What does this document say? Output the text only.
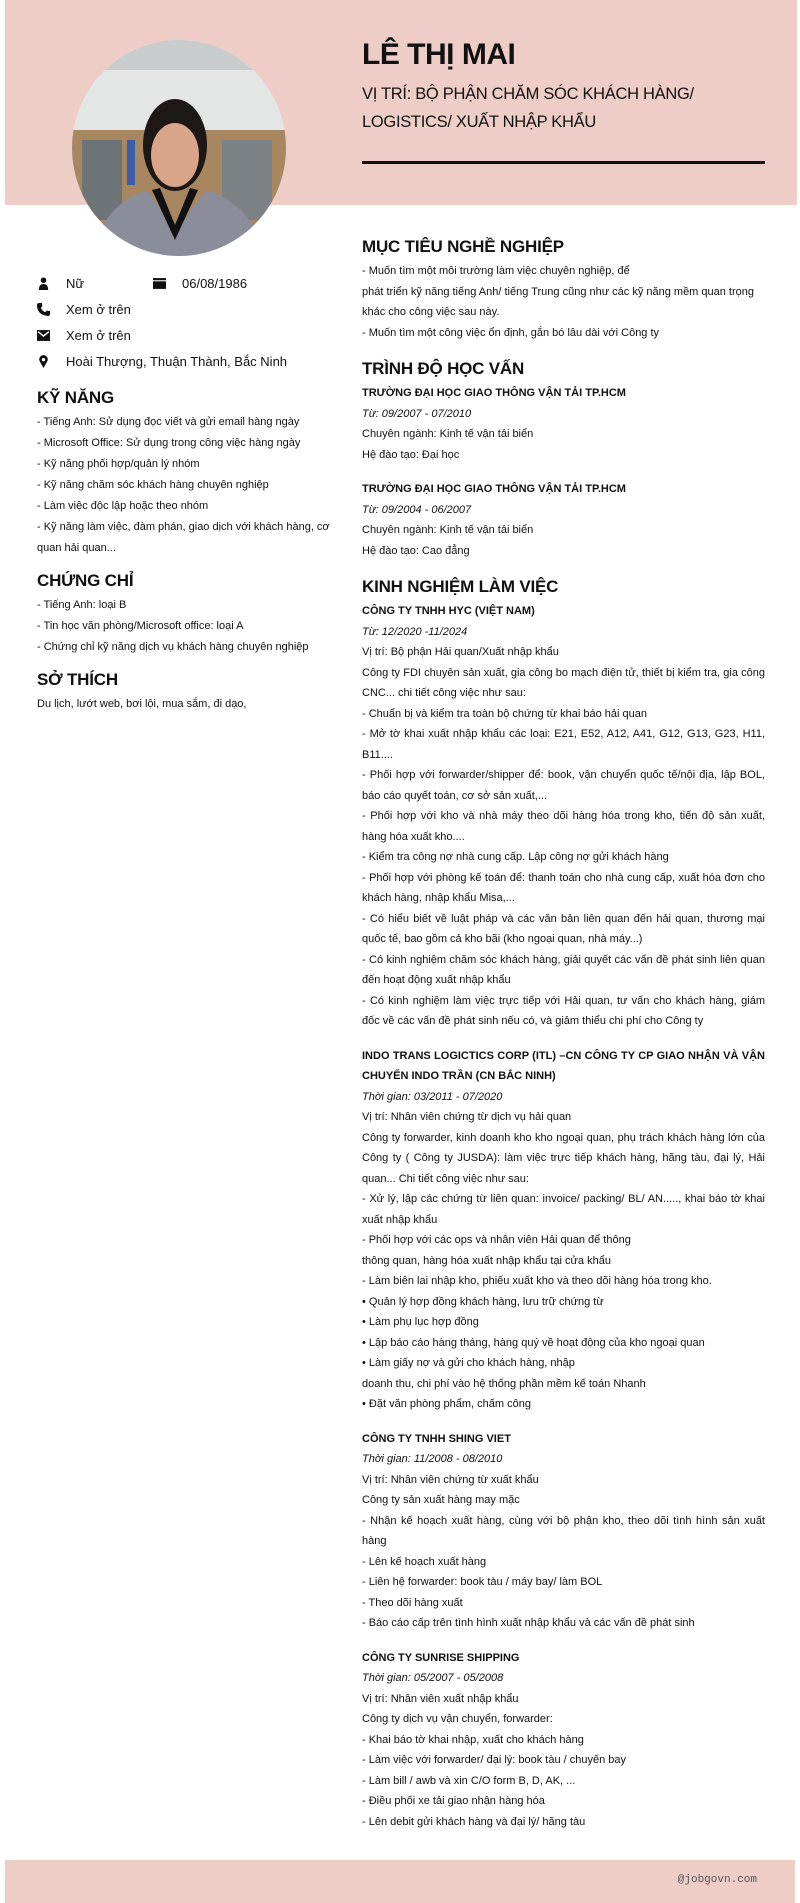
LÊ THỊ MAI
VỊ TRÍ: BỘ PHẬN CHĂM SÓC KHÁCH HÀNG/ LOGISTICS/ XUẤT NHẬP KHẨU
Nữ	06/08/1986
Xem ở trên
Xem ở trên
Hoài Thượng, Thuận Thành, Bắc Ninh
KỸ NĂNG
- Tiếng Anh: Sử dụng đọc viết và gửi email hàng ngày
- Microsoft Office: Sử dụng trong công việc hàng ngày
- Kỹ năng phối hợp/quản lý nhóm
- Kỹ năng chăm sóc khách hàng chuyên nghiệp
- Làm việc độc lập hoặc theo nhóm
- Kỹ năng làm việc, đàm phán, giao dịch với khách hàng, cơ quan hải quan...
CHỨNG CHỈ
- Tiếng Anh: loại B
- Tin học văn phòng/Microsoft office: loại A
- Chứng chỉ kỹ năng dịch vụ khách hàng chuyên nghiệp
SỞ THÍCH
Du lịch, lướt web, bơi lội, mua sắm, đi dạo,
MỤC TIÊU NGHỀ NGHIỆP
- Muốn tìm một môi trường làm việc chuyên nghiệp, để
phát triển kỹ năng tiếng Anh/ tiếng Trung cũng như các kỹ năng mềm quan trọng khác cho công việc sau này.
- Muốn tìm một công việc ổn định, gắn bó lâu dài với Công ty
TRÌNH ĐỘ HỌC VẤN
TRƯỜNG ĐẠI HỌC GIAO THÔNG VẬN TẢI TP.HCM
Từ: 09/2007 - 07/2010
Chuyên ngành: Kinh tế vận tải biển
Hệ đào tạo: Đại học
TRƯỜNG ĐẠI HỌC GIAO THÔNG VẬN TẢI TP.HCM
Từ: 09/2004 - 06/2007
Chuyên ngành: Kinh tế vận tải biển
Hệ đào tạo: Cao đẳng
KINH NGHIỆM LÀM VIỆC
CÔNG TY TNHH HYC (VIỆT NAM)
Từ: 12/2020 -11/2024
Vị trí: Bộ phận Hải quan/Xuất nhập khẩu
Công ty FDI chuyên sản xuất, gia công bo mạch điện tử, thiết bị kiểm tra, gia công CNC... chi tiết công việc như sau:
- Chuẩn bị và kiểm tra toàn bộ chứng từ khai báo hải quan
- Mở tờ khai xuất nhập khẩu các loại: E21, E52, A12, A41, G12, G13, G23, H11, B11....
- Phối hợp với forwarder/shipper để: book, vận chuyển quốc tế/nội địa, lập BOL, báo cáo quyết toán, cơ sở sản xuất,...
- Phối hợp với kho và nhà máy theo dõi hàng hóa trong kho, tiến độ sản xuất, hàng hóa xuất kho....
- Kiểm tra công nợ nhà cung cấp. Lập công nợ gửi khách hàng
- Phối hợp với phòng kế toán để: thanh toán cho nhà cung cấp, xuất hóa đơn cho khách hàng, nhập khẩu Misa,...
- Có hiểu biết về luật pháp và các văn bản liên quan đến hải quan, thương mại quốc tế, bao gồm cả kho bãi (kho ngoại quan, nhà máy...)
- Có kinh nghiệm chăm sóc khách hàng, giải quyết các vấn đề phát sinh liên quan đến hoạt động xuất nhập khẩu
- Có kinh nghiệm làm việc trực tiếp với Hải quan, tư vấn cho khách hàng, giám đốc về các vấn đề phát sinh nếu có, và giảm thiểu chi phí cho Công ty
INDO TRANS LOGICTICS CORP (ITL) –CN CÔNG TY CP GIAO NHẬN VÀ VẬN CHUYỂN INDO TRẦN (CN BẮC NINH)
Thời gian: 03/2011 - 07/2020
Vị trí: Nhân viên chứng từ dịch vụ hải quan
Công ty forwarder, kinh doanh kho kho ngoại quan, phụ trách khách hàng lớn của Công ty ( Công ty JUSDA): làm việc trực tiếp khách hàng, hãng tàu, đại lý, Hải quan... Chi tiết công việc như sau:
- Xử lý, lập các chứng từ liên quan: invoice/ packing/ BL/ AN....., khai báo tờ khai xuất nhập khẩu
- Phối hợp với các ops và nhân viên Hải quan để thông
thông quan, hàng hóa xuất nhập khẩu tại cửa khẩu
- Làm biên lai nhập kho, phiếu xuất kho và theo dõi hàng hóa trong kho.
• Quản lý hợp đồng khách hàng, lưu trữ chứng từ
• Làm phụ lục hợp đồng
• Lập báo cáo hàng tháng, hàng quý về hoạt động của kho ngoại quan
• Làm giấy nợ và gửi cho khách hàng, nhập
doanh thu, chi phí vào hệ thống phần mềm kế toán Nhanh
• Đặt văn phòng phẩm, chấm công
CÔNG TY TNHH SHING VIET
Thời gian: 11/2008 - 08/2010
Vị trí: Nhân viên chứng từ xuất khẩu
Công ty sản xuất hàng may mặc
- Nhận kế hoạch xuất hàng, cùng với bộ phận kho, theo dõi tình hình sản xuất hàng
- Lên kế hoạch xuất hàng
- Liên hệ forwarder: book tàu / máy bay/ làm BOL
- Theo dõi hàng xuất
- Báo cáo cấp trên tình hình xuất nhập khẩu và các vấn đề phát sinh
CÔNG TY SUNRISE SHIPPING
Thời gian: 05/2007 - 05/2008
Vị trí: Nhân viên xuất nhập khẩu
Công ty dịch vụ vận chuyển, forwarder:
- Khai báo tờ khai nhập, xuất cho khách hàng
- Làm việc với forwarder/ đại lý: book tàu / chuyến bay
- Làm bill / awb và xin C/O form B, D, AK, ...
- Điều phối xe tải giao nhận hàng hóa
- Lên debit gửi khách hàng và đại lý/ hãng tàu
@jobgovn.com
